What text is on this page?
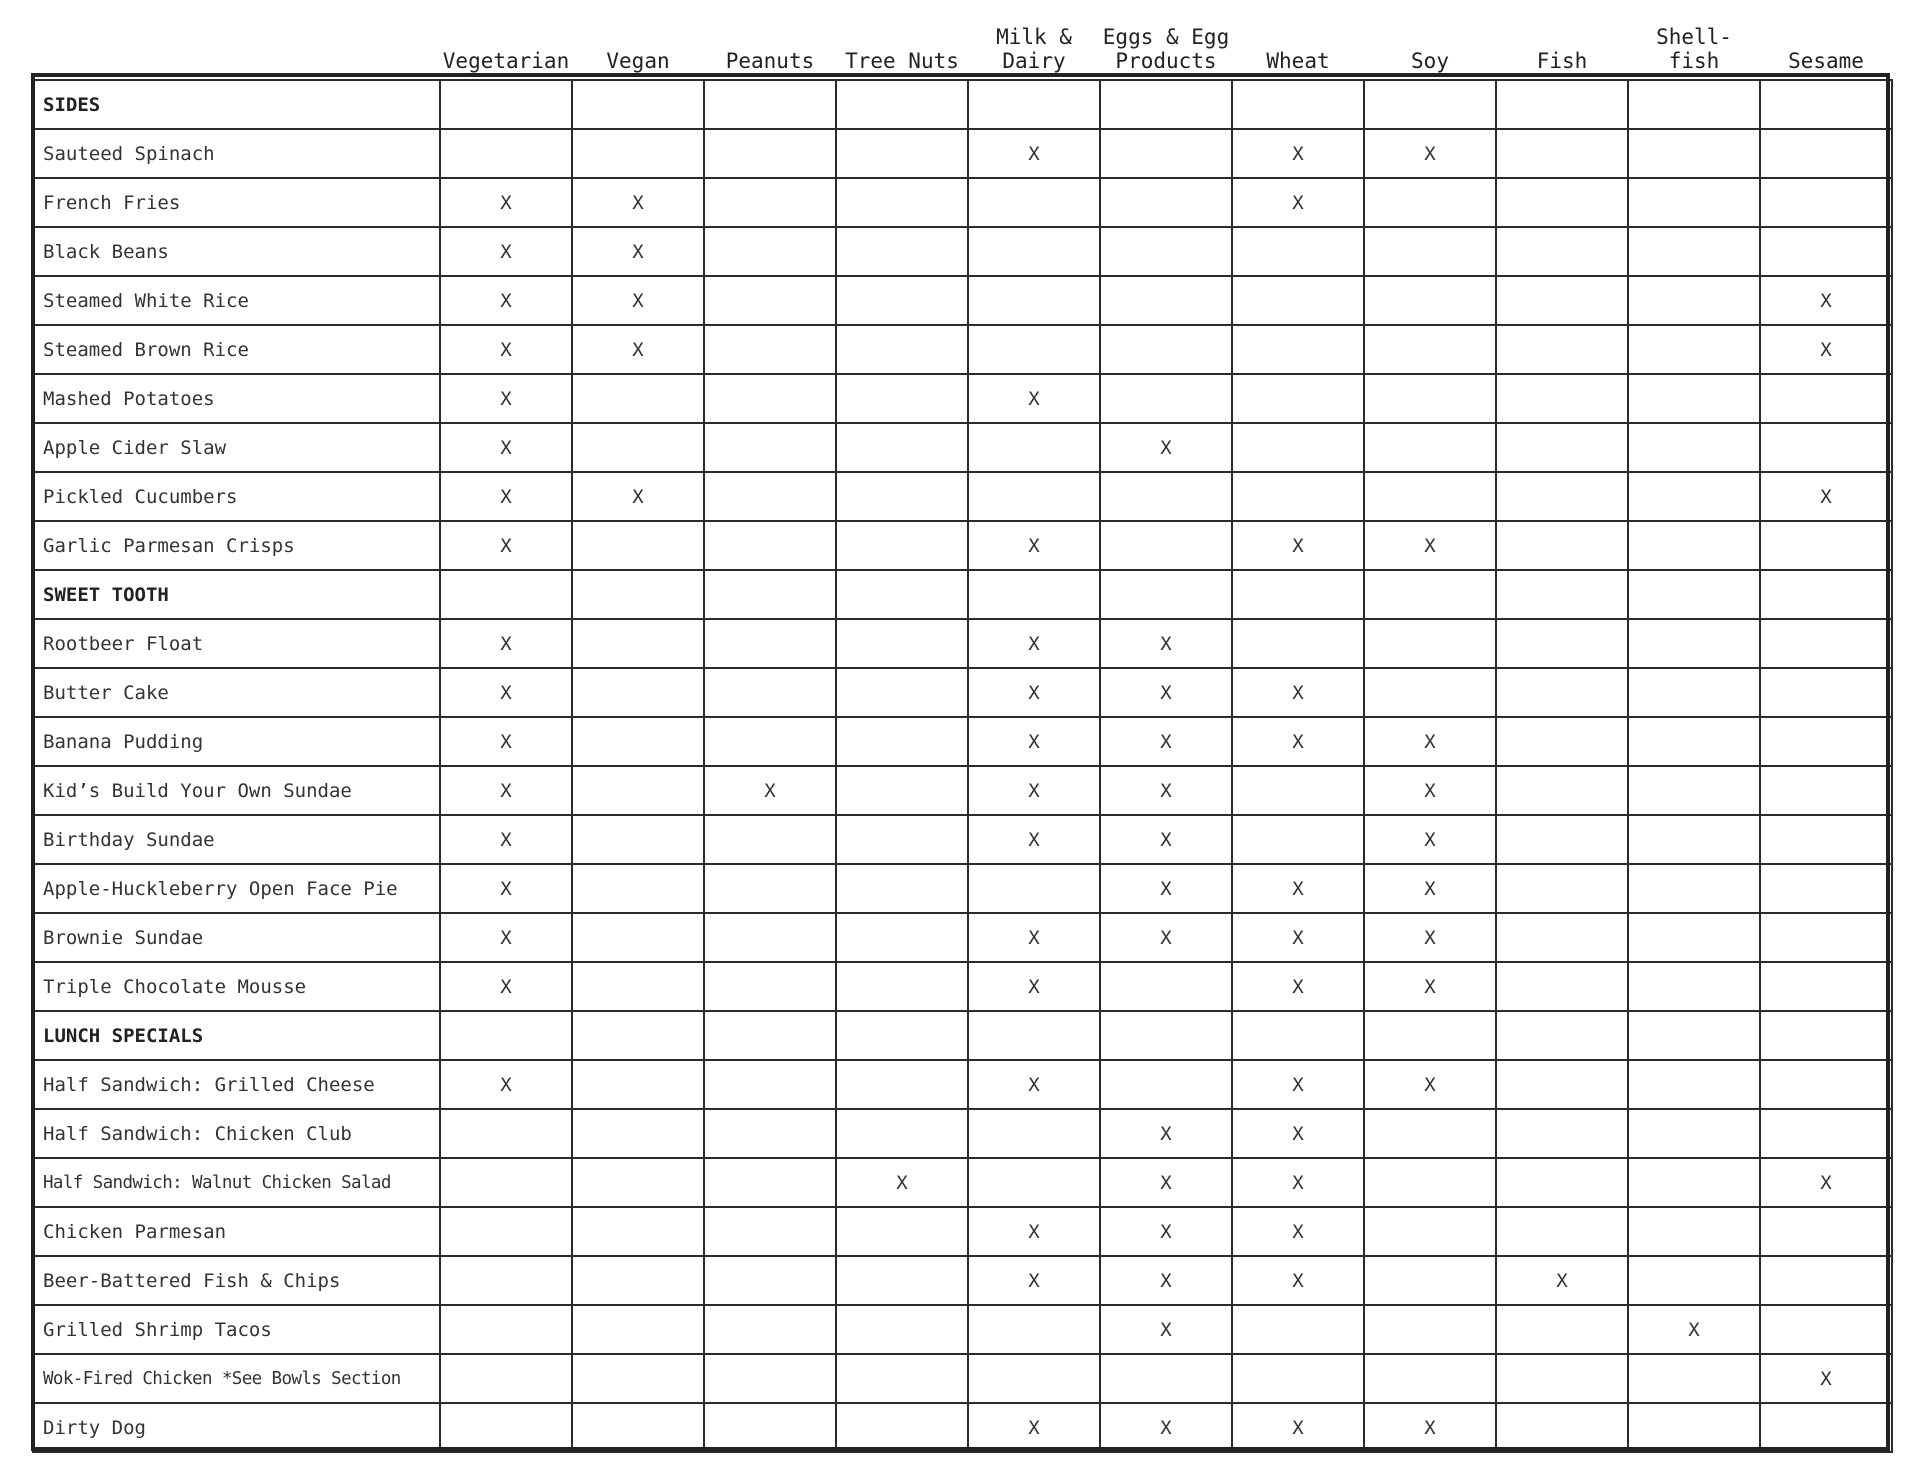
	Vegetarian	Vegan	Peanuts	Tree Nuts	Milk &
Dairy	Eggs & Egg
Products	Wheat	Soy	Fish	Shell-
fish	Sesame
SIDES											
Sauteed Spinach					X		X	X			
French Fries	X	X					X				
Black Beans	X	X									
Steamed White Rice	X	X									X
Steamed Brown Rice	X	X									X
Mashed Potatoes	X				X						
Apple Cider Slaw	X					X					
Pickled Cucumbers	X	X									X
Garlic Parmesan Crisps	X				X		X	X			
SWEET TOOTH											
Rootbeer Float	X				X	X					
Butter Cake	X				X	X	X				
Banana Pudding	X				X	X	X	X			
Kid’s Build Your Own Sundae	X		X		X	X		X			
Birthday Sundae	X				X	X		X			
Apple-Huckleberry Open Face Pie	X					X	X	X			
Brownie Sundae	X				X	X	X	X			
Triple Chocolate Mousse	X				X		X	X			
LUNCH SPECIALS											
Half Sandwich: Grilled Cheese	X				X		X	X			
Half Sandwich: Chicken Club						X	X				
Half Sandwich: Walnut Chicken Salad				X		X	X				X
Chicken Parmesan					X	X	X				
Beer-Battered Fish & Chips					X	X	X		X		
Grilled Shrimp Tacos						X				X	
Wok-Fired Chicken *See Bowls Section											X
Dirty Dog					X	X	X	X			
